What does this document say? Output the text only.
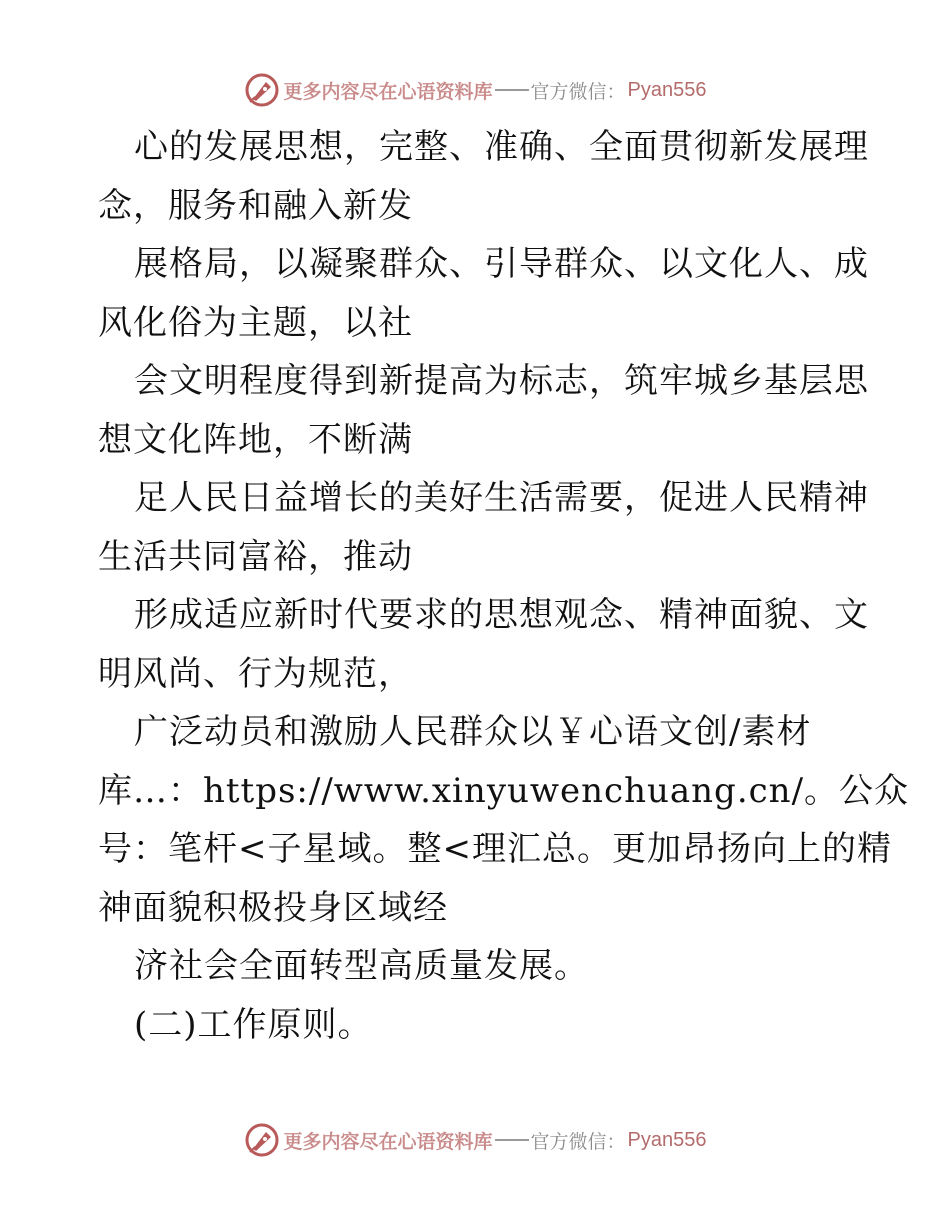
更多内容尽在心语资料库 官方微信： Pyan556
心的发展思想，完整、准确、全面贯彻新发展理
念，服务和融入新发
展格局，以凝聚群众、引导群众、以文化人、成
风化俗为主题，以社
会文明程度得到新提高为标志，筑牢城乡基层思
想文化阵地，不断满
足人民日益增长的美好生活需要，促进人民精神
生活共同富裕，推动
形成适应新时代要求的思想观念、精神面貌、文
明风尚、行为规范，
广泛动员和激励人民群众以￥心语文创/素材
库…：https://www.xinyuwenchuang.cn/。公众
号：笔杆<子星域。整<理汇总。更加昂扬向上的精
神面貌积极投身区域经
济社会全面转型高质量发展。
(二)工作原则。
更多内容尽在心语资料库 官方微信： Pyan556
